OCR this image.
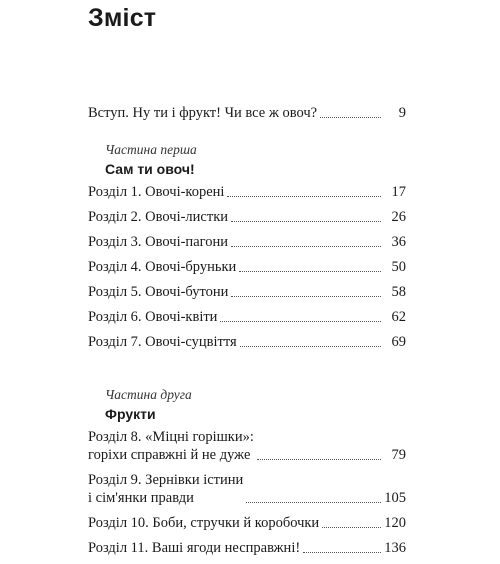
Зміст
Вступ. Ну ти і фрукт! Чи все ж овоч?	9
Частина перша
Сам ти овоч!
Розділ 1. Овочі-корені	17
Розділ 2. Овочі-листки	26
Розділ 3. Овочі-пагони	36
Розділ 4. Овочі-бруньки	50
Розділ 5. Овочі-бутони	58
Розділ 6. Овочі-квіти	62
Розділ 7. Овочі-суцвіття	69
Частина друга
Фрукти
Розділ 8. «Міцні горішки»:
горіхи справжні й не дуже	79
Розділ 9. Зернівки істини
і сім'янки правди	105
Розділ 10. Боби, стручки й коробочки	120
Розділ 11. Ваші ягоди несправжні!	136
